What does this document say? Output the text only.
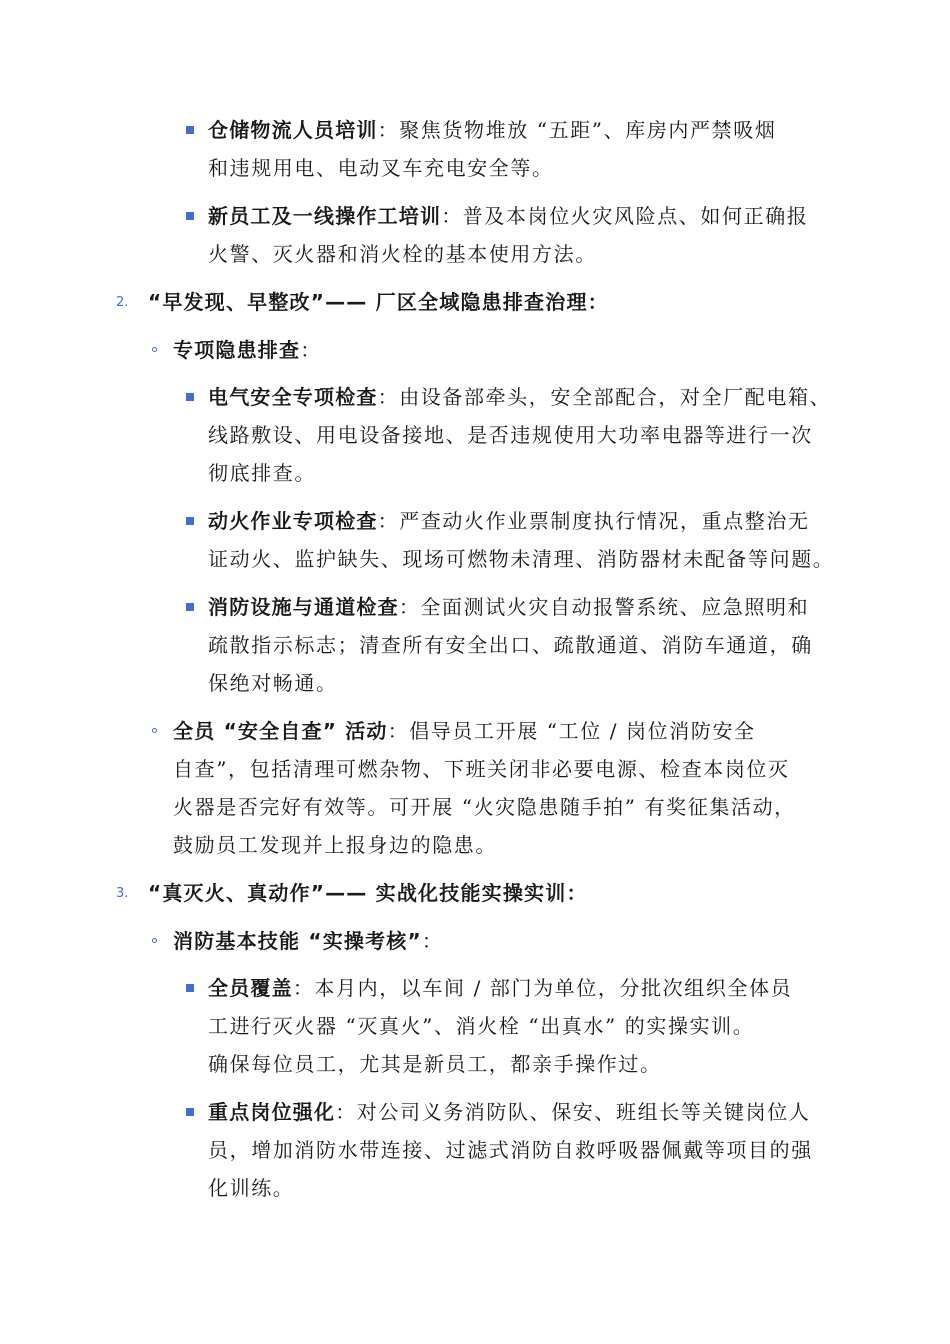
仓储物流人员培训：聚焦货物堆放 “五距”、库房内严禁吸烟
和违规用电、电动叉车充电安全等。
新员工及一线操作工培训：普及本岗位火灾风险点、如何正确报
火警、灭火器和消火栓的基本使用方法。
2. “早发现、早整改”—— 厂区全域隐患排查治理：
专项隐患排查：
电气安全专项检查：由设备部牵头，安全部配合，对全厂配电箱、
线路敷设、用电设备接地、是否违规使用大功率电器等进行一次
彻底排查。
动火作业专项检查：严查动火作业票制度执行情况，重点整治无
证动火、监护缺失、现场可燃物未清理、消防器材未配备等问题。
消防设施与通道检查：全面测试火灾自动报警系统、应急照明和
疏散指示标志；清查所有安全出口、疏散通道、消防车通道，确
保绝对畅通。
全员 “安全自查” 活动：倡导员工开展 “工位 / 岗位消防安全
自查”，包括清理可燃杂物、下班关闭非必要电源、检查本岗位灭
火器是否完好有效等。可开展 “火灾隐患随手拍” 有奖征集活动，
鼓励员工发现并上报身边的隐患。
3. “真灭火、真动作”—— 实战化技能实操实训：
消防基本技能 “实操考核”：
全员覆盖：本月内，以车间 / 部门为单位，分批次组织全体员
工进行灭火器 “灭真火”、消火栓 “出真水” 的实操实训。
确保每位员工，尤其是新员工，都亲手操作过。
重点岗位强化：对公司义务消防队、保安、班组长等关键岗位人
员，增加消防水带连接、过滤式消防自救呼吸器佩戴等项目的强
化训练。
